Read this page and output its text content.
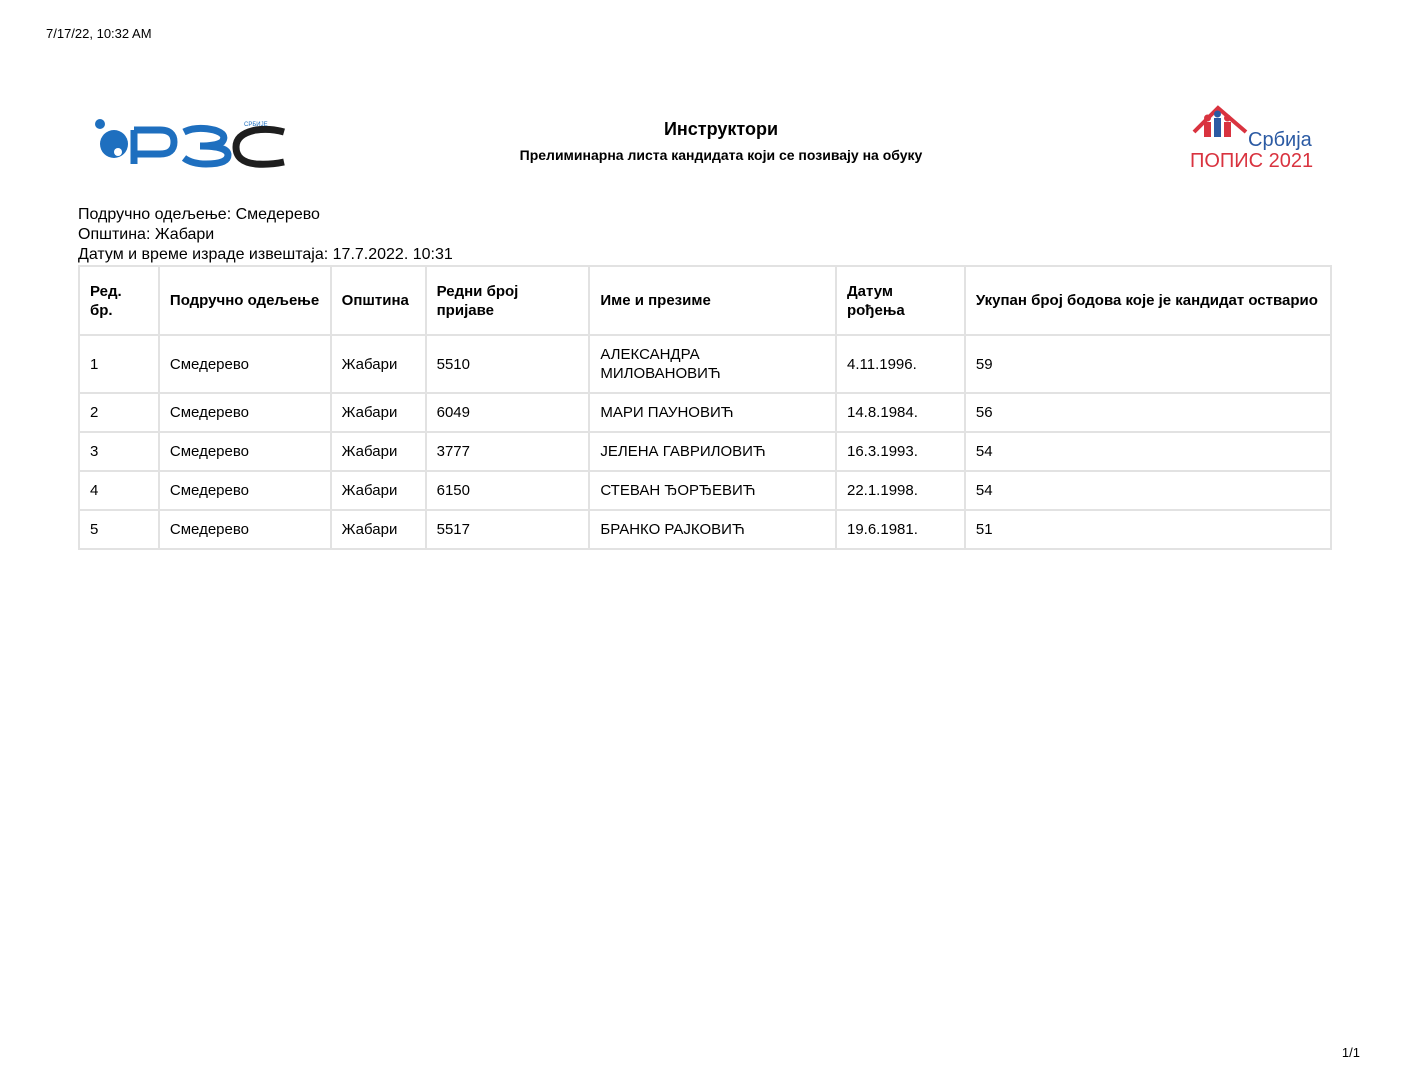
7/17/22, 10:32 AM
СРБИЈЕ
Србија
ПОПИС 2021
Инструктори
Прелиминарна листа кандидата који се позивају на обуку
Подручно одељење: Смедерево
Општина: Жабари
Датум и време израде извештаја: 17.7.2022. 10:31
Ред. бр.	Подручно одељење	Општина	Редни број пријаве	Име и презиме	Датум рођења	Укупан број бодова које је кандидат остварио
1	Смедерево	Жабари	5510	АЛЕКСАНДРА МИЛОВАНОВИЋ	4.11.1996.	59
2	Смедерево	Жабари	6049	МАРИ ПАУНОВИЋ	14.8.1984.	56
3	Смедерево	Жабари	3777	ЈЕЛЕНА ГАВРИЛОВИЋ	16.3.1993.	54
4	Смедерево	Жабари	6150	СТЕВАН ЂОРЂЕВИЋ	22.1.1998.	54
5	Смедерево	Жабари	5517	БРАНКО РАЈКОВИЋ	19.6.1981.	51
1/1
